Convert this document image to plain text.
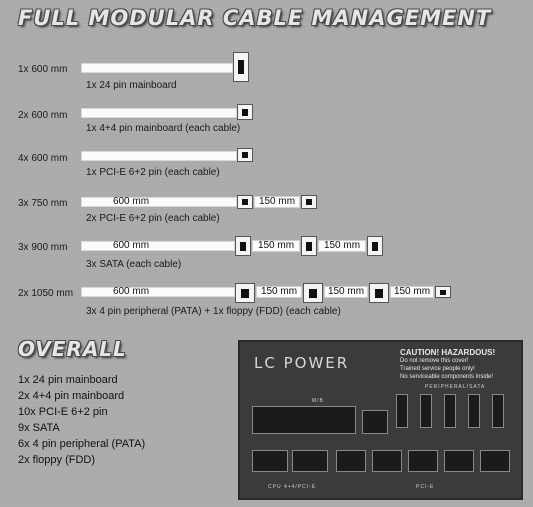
FULL MODULAR CABLE MANAGEMENT
1x 600 mm
1x 24 pin mainboard
2x 600 mm
1x 4+4 pin mainboard (each cable)
4x 600 mm
1x PCI-E 6+2 pin (each cable)
3x 750 mm	600 mm	150 mm
2x PCI-E 6+2 pin (each cable)
3x 900 mm	600 mm	150 mm	150 mm
3x SATA (each cable)
2x 1050 mm	600 mm	150 mm	150 mm	150 mm
3x 4 pin peripheral (PATA) + 1x floppy (FDD) (each cable)
OVERALL
1x 24 pin mainboard
2x 4+4 pin mainboard
10x PCI-E 6+2 pin
9x SATA
6x 4 pin peripheral (PATA)
2x floppy (FDD)
LC POWER
CAUTION! HAZARDOUS!
Do not remove this cover!
Trained service people only!
No serviceable components inside!
M/B
PERIPHERAL/SATA
CPU 4+4/PCI-E	PCI-E
